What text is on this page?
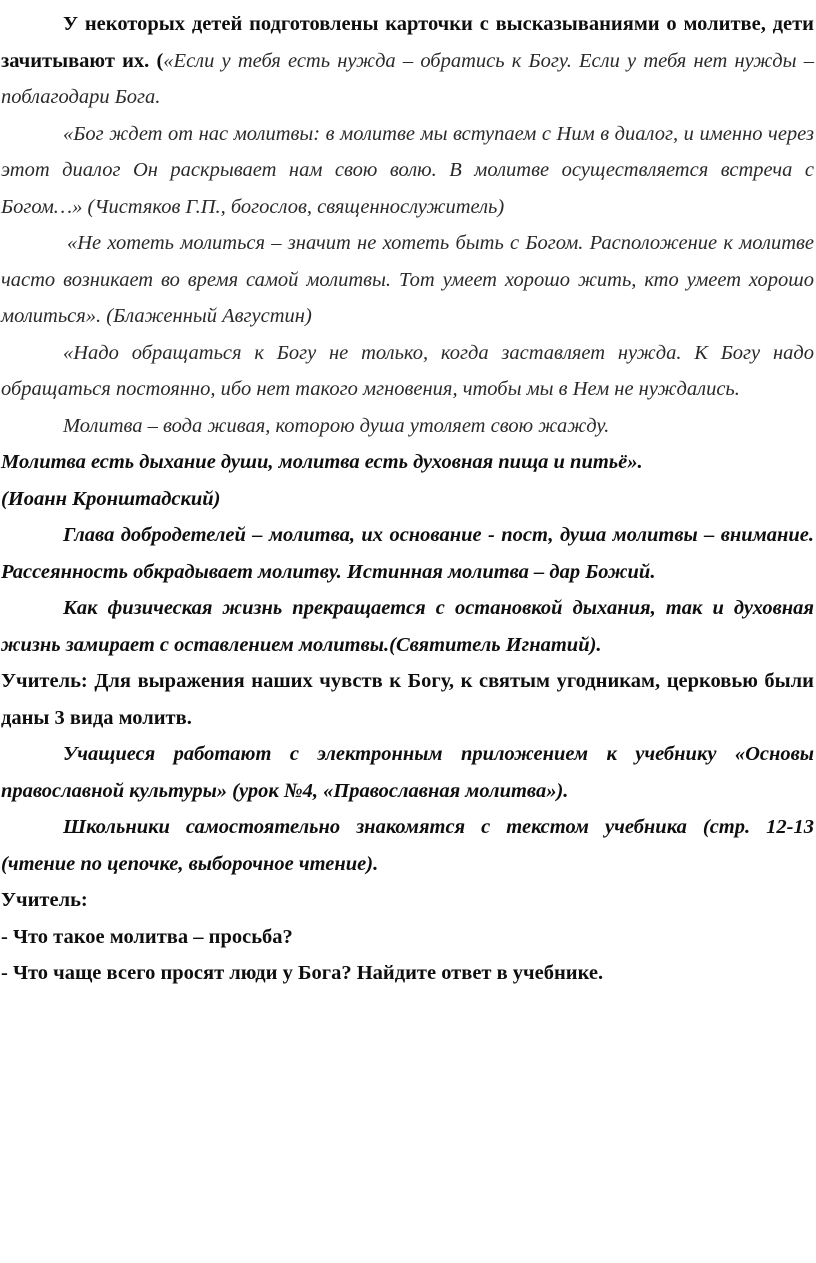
У некоторых детей подготовлены карточки с высказываниями о молитве, дети зачитывают их. («Если у тебя есть нужда – обратись к Богу. Если у тебя нет нужды – поблагодари Бога.

«Бог ждет от нас молитвы: в молитве мы вступаем с Ним в диалог, и именно через этот диалог Он раскрывает нам свою волю. В молитве осуществляется встреча с Богом…» (Чистяков Г.П., богослов, священнослужитель)

«Не хотеть молиться – значит не хотеть быть с Богом. Расположение к молитве часто возникает во время самой молитвы. Тот умеет хорошо жить, кто умеет хорошо молиться». (Блаженный Августин)

«Надо обращаться к Богу не только, когда заставляет нужда. К Богу надо обращаться постоянно, ибо нет такого мгновения, чтобы мы в Нем не нуждались.

Молитва – вода живая, которою душа утоляет свою жажду.

Молитва есть дыхание души, молитва есть духовная пища и питьё».

(Иоанн Кронштадский)

Глава добродетелей – молитва, их основание - пост, душа молитвы – внимание. Рассеянность обкрадывает молитву. Истинная молитва – дар Божий.

Как физическая жизнь прекращается с остановкой дыхания, так и духовная жизнь замирает с оставлением молитвы.(Святитель Игнатий).

Учитель: Для выражения наших чувств к Богу, к святым угодникам, церковью были даны 3 вида молитв.

Учащиеся работают с электронным приложением к учебнику «Основы православной культуры» (урок №4, «Православная молитва»).

Школьники самостоятельно знакомятся с текстом учебника (стр. 12-13 (чтение по цепочке, выборочное чтение).

Учитель:

- Что такое молитва – просьба?

- Что чаще всего просят люди у Бога? Найдите ответ в учебнике.
